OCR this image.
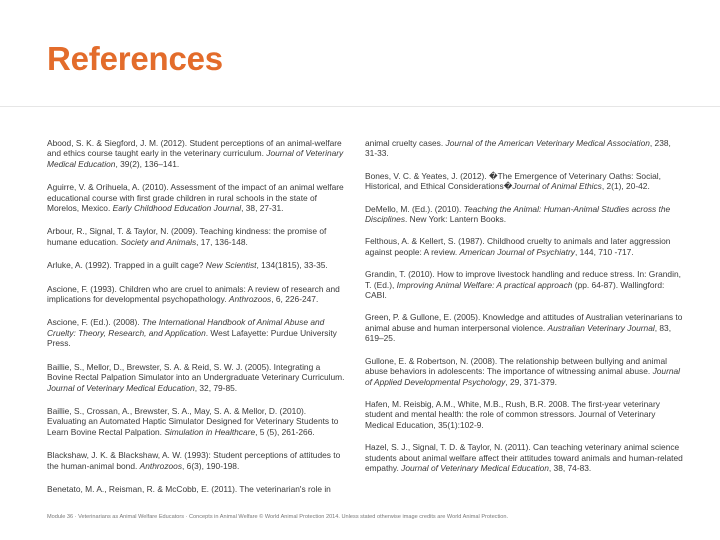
References
Abood, S. K. & Siegford, J. M. (2012). Student perceptions of an animal-welfare and ethics course taught early in the veterinary curriculum. Journal of Veterinary Medical Education, 39(2), 136–141.
Aguirre, V. & Orihuela, A. (2010). Assessment of the impact of an animal welfare educational course with first grade children in rural schools in the state of Morelos, Mexico. Early Childhood Education Journal, 38, 27-31.
Arbour, R., Signal, T. & Taylor, N. (2009). Teaching kindness: the promise of humane education. Society and Animals, 17, 136-148.
Arluke, A. (1992). Trapped in a guilt cage? New Scientist, 134(1815), 33-35.
Ascione, F. (1993). Children who are cruel to animals: A review of research and implications for developmental psychopathology. Anthrozoos, 6, 226-247.
Ascione, F. (Ed.). (2008). The International Handbook of Animal Abuse and Cruelty: Theory, Research, and Application. West Lafayette: Purdue University Press.
Baillie, S., Mellor, D., Brewster, S. A. & Reid, S. W. J. (2005). Integrating a Bovine Rectal Palpation Simulator into an Undergraduate Veterinary Curriculum. Journal of Veterinary Medical Education, 32, 79-85.
Baillie, S., Crossan, A., Brewster, S. A., May, S. A. & Mellor, D. (2010). Evaluating an Automated Haptic Simulator Designed for Veterinary Students to Learn Bovine Rectal Palpation. Simulation in Healthcare, 5 (5), 261-266.
Blackshaw, J. K. & Blackshaw, A. W. (1993): Student perceptions of attitudes to the human-animal bond. Anthrozoos, 6(3), 190-198.
Benetato, M. A., Reisman, R. & McCobb, E. (2011). The veterinarian's role in
animal cruelty cases. Journal of the American Veterinary Medical Association, 238, 31-33.
Bones, V. C. & Yeates, J. (2012). �The Emergence of Veterinary Oaths: Social, Historical, and Ethical Considerations�Journal of Animal Ethics, 2(1), 20-42.
DeMello, M. (Ed.). (2010). Teaching the Animal: Human-Animal Studies across the Disciplines. New York: Lantern Books.
Felthous, A. & Kellert, S. (1987). Childhood cruelty to animals and later aggression against people: A review. American Journal of Psychiatry, 144, 710 -717.
Grandin, T. (2010). How to improve livestock handling and reduce stress. In: Grandin, T. (Ed.), Improving Animal Welfare: A practical approach (pp. 64-87). Wallingford: CABI.
Green, P. & Gullone, E. (2005). Knowledge and attitudes of Australian veterinarians to animal abuse and human interpersonal violence. Australian Veterinary Journal, 83, 619–25.
Gullone, E. & Robertson, N. (2008). The relationship between bullying and animal abuse behaviors in adolescents: The importance of witnessing animal abuse. Journal of Applied Developmental Psychology, 29, 371-379.
Hafen, M. Reisbig, A.M., White, M.B., Rush, B.R. 2008. The first-year veterinary student and mental health: the role of common stressors. Journal of Veterinary Medical Education, 35(1):102-9.
Hazel, S. J., Signal, T. D. & Taylor, N. (2011). Can teaching veterinary animal science students about animal welfare affect their attitudes toward animals and human-related empathy. Journal of Veterinary Medical Education, 38, 74-83.
Module 36 · Veterinarians as Animal Welfare Educators · Concepts in Animal Welfare © World Animal Protection 2014. Unless stated otherwise image credits are World Animal Protection.
